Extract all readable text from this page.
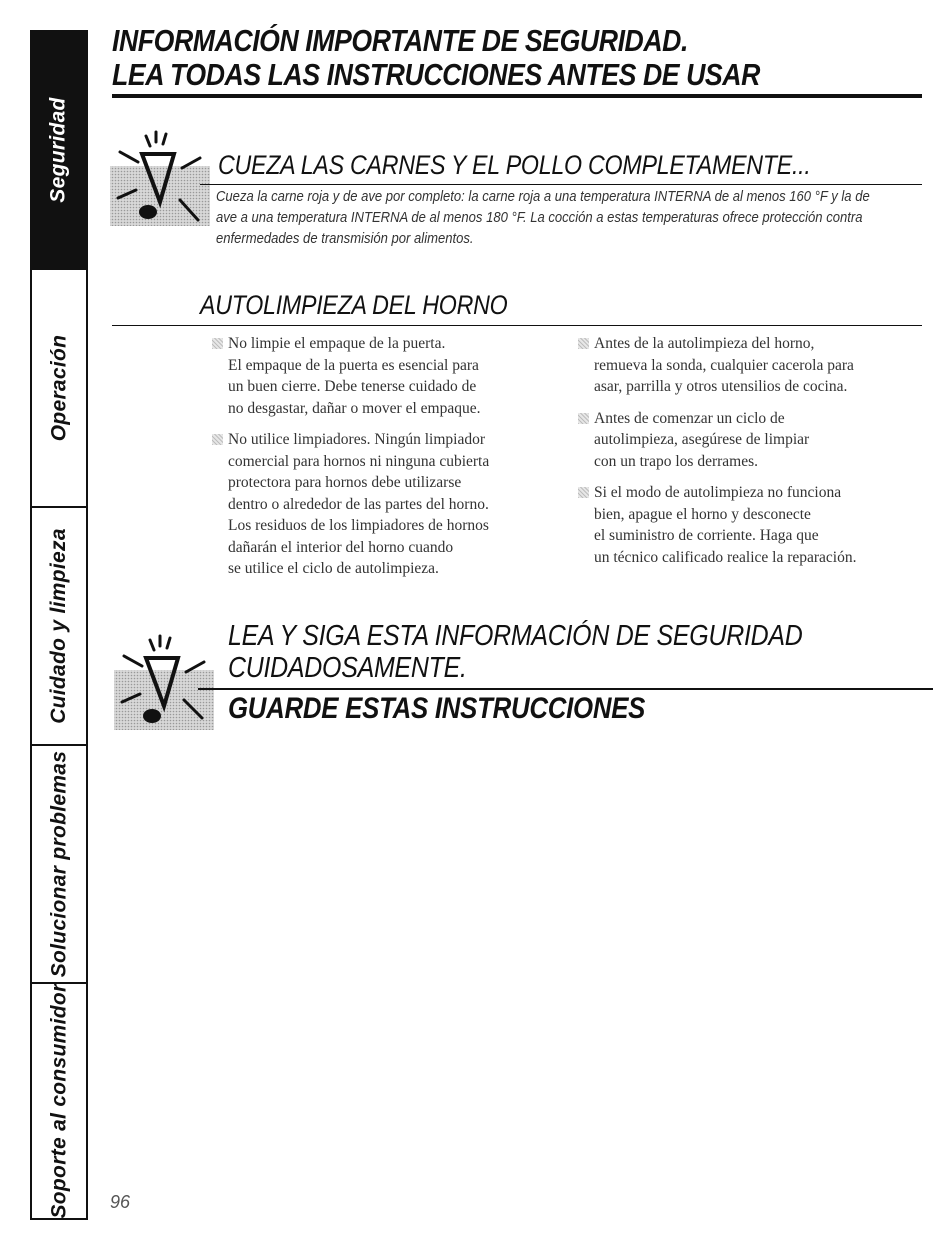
Seguridad
Operación
Cuidado y limpieza
Solucionar problemas
Soporte al consumidor
INFORMACIÓN IMPORTANTE DE SEGURIDAD.
LEA TODAS LAS INSTRUCCIONES ANTES DE USAR
CUEZA LAS CARNES Y EL POLLO COMPLETAMENTE...
Cueza la carne roja y de ave por completo: la carne roja a una temperatura INTERNA de al menos 160 °F y la de
ave a una temperatura INTERNA de al menos 180 °F. La cocción a estas temperaturas ofrece protección contra
enfermedades de transmisión por alimentos.
AUTOLIMPIEZA DEL HORNO
No limpie el empaque de la puerta.
El empaque de la puerta es esencial para
un buen cierre. Debe tenerse cuidado de
no desgastar, dañar o mover el empaque.
No utilice limpiadores. Ningún limpiador
comercial para hornos ni ninguna cubierta
protectora para hornos debe utilizarse
dentro o alrededor de las partes del horno.
Los residuos de los limpiadores de hornos
dañarán el interior del horno cuando
se utilice el ciclo de autolimpieza.
Antes de la autolimpieza del horno,
remueva la sonda, cualquier cacerola para
asar, parrilla y otros utensilios de cocina.
Antes de comenzar un ciclo de
autolimpieza, asegúrese de limpiar
con un trapo los derrames.
Si el modo de autolimpieza no funciona
bien, apague el horno y desconecte
el suministro de corriente. Haga que
un técnico calificado realice la reparación.
LEA Y SIGA ESTA INFORMACIÓN DE SEGURIDAD
CUIDADOSAMENTE.
GUARDE ESTAS INSTRUCCIONES
96
